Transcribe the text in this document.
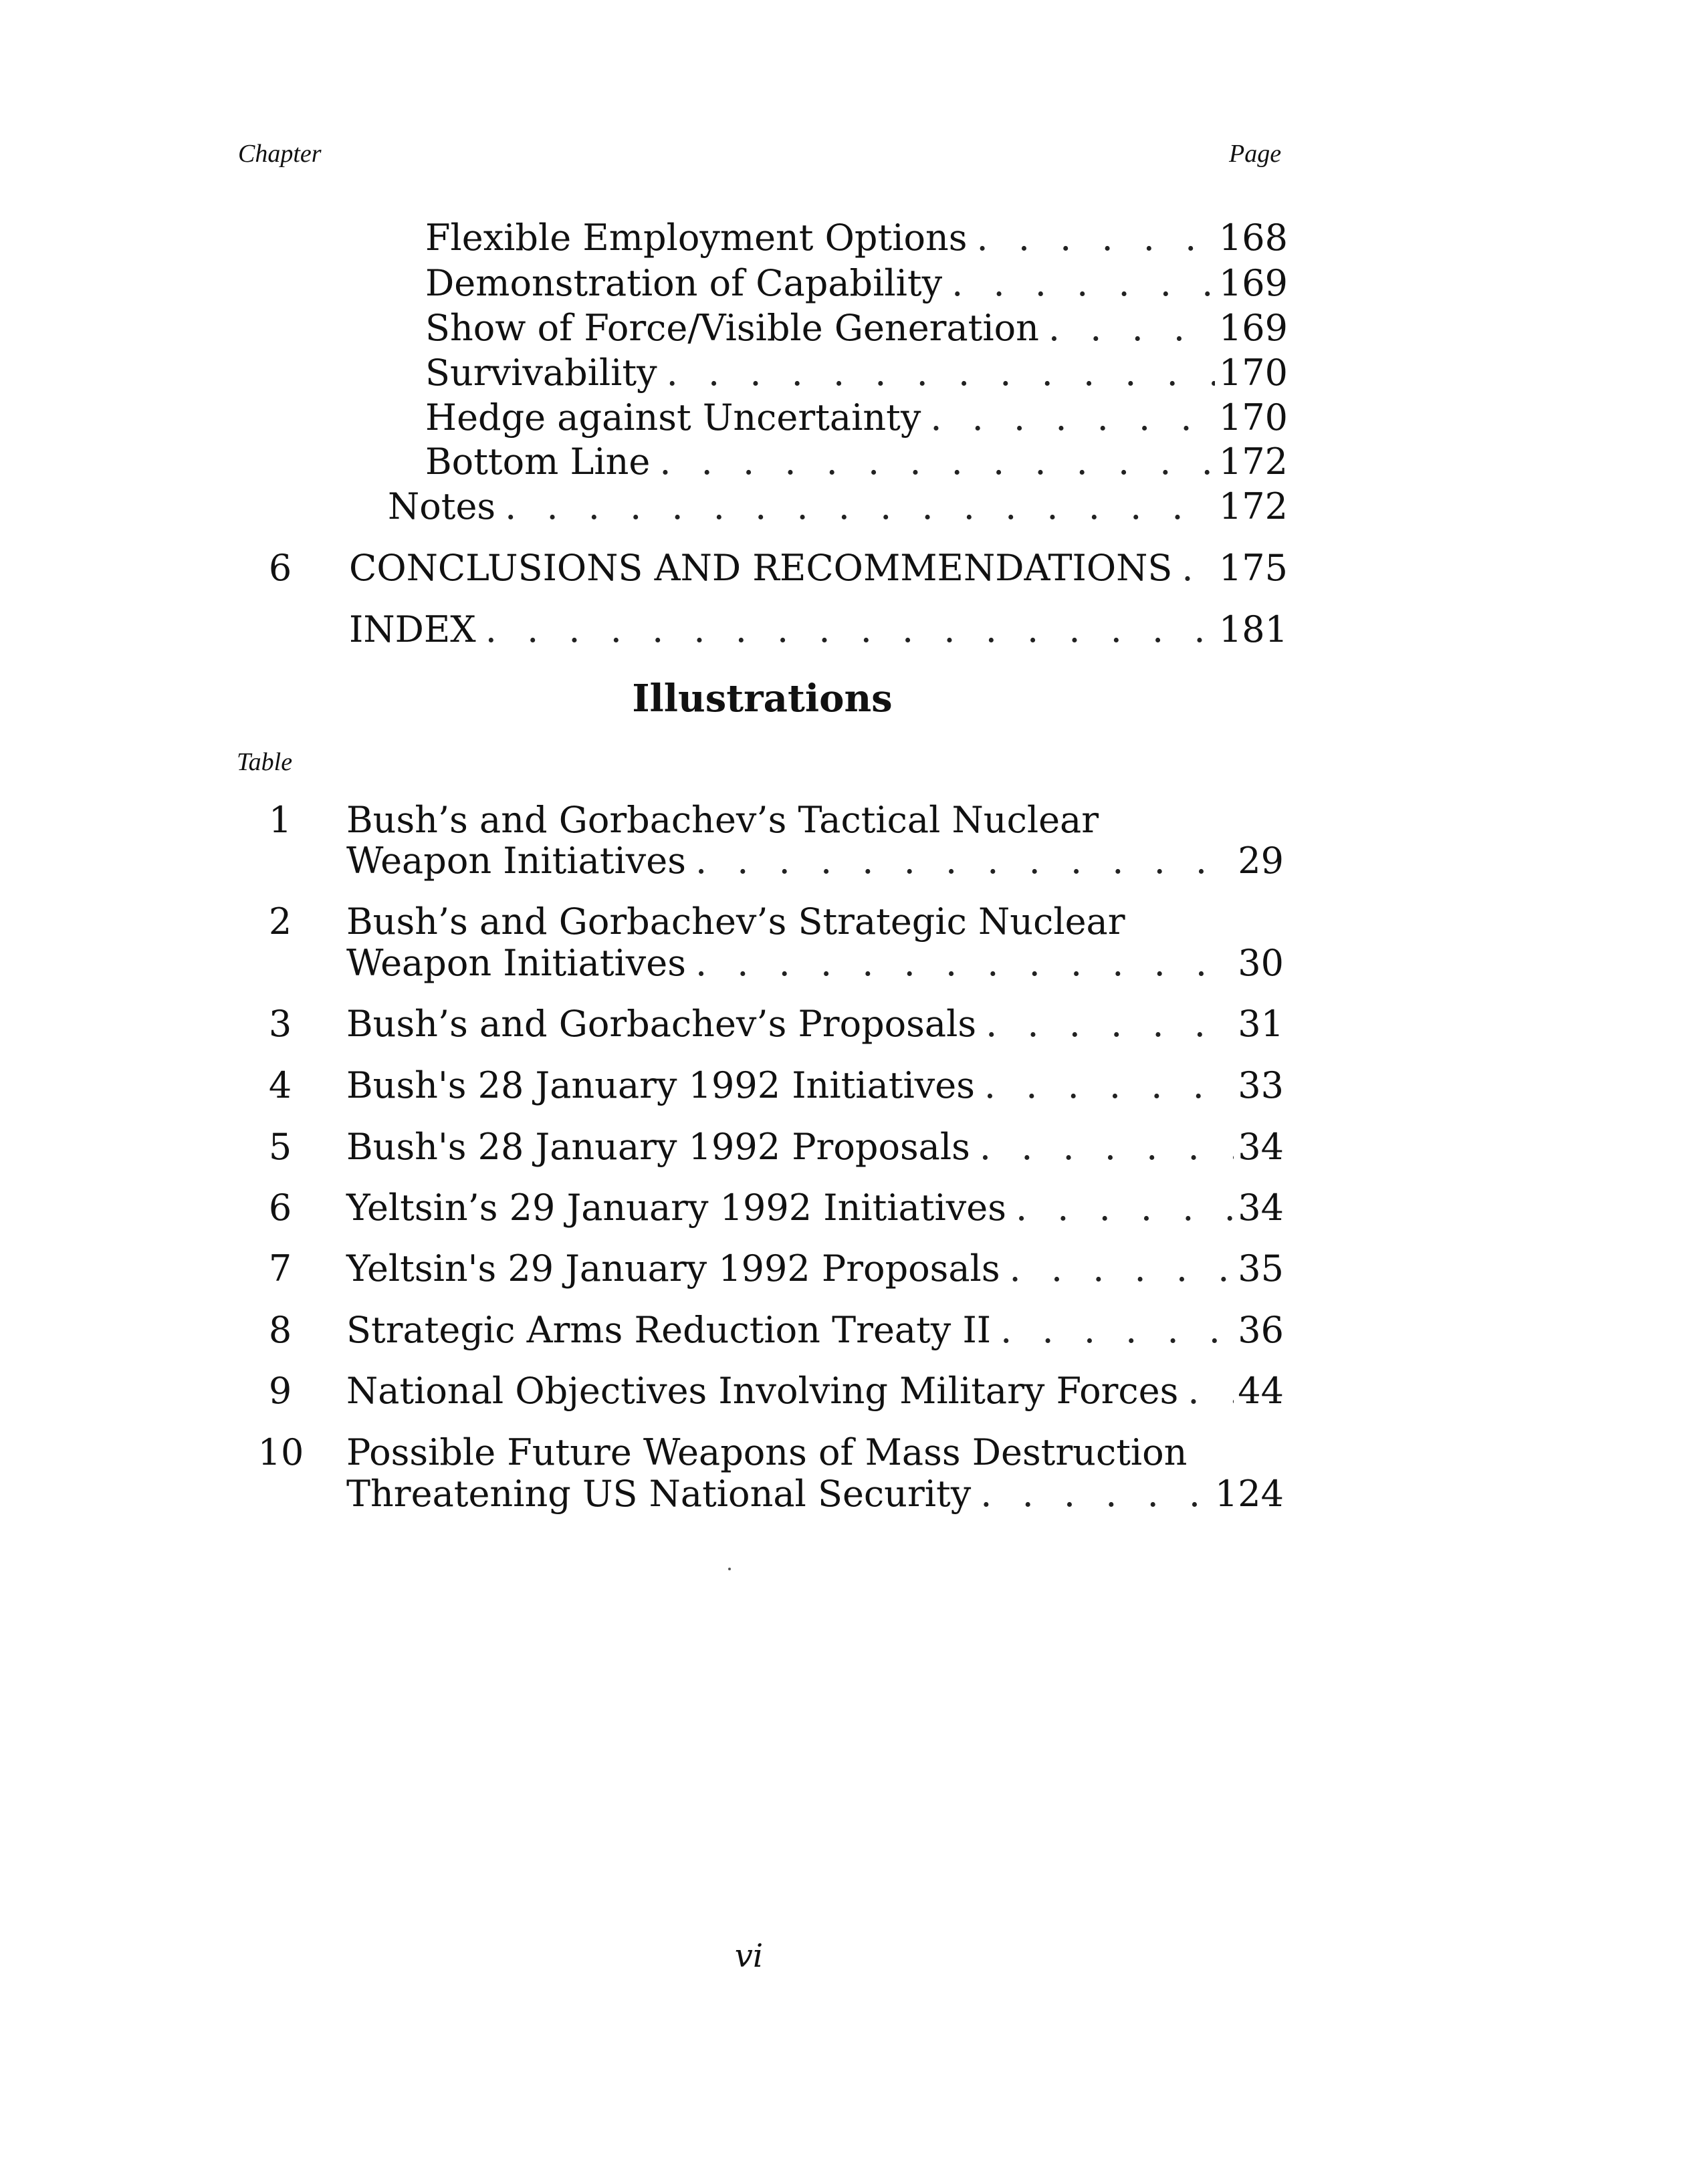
Chapter	Page
Flexible Employment Options . . .	168
Demonstration of Capability . . .	169
Show of Force/Visible Generation . . .	169
Survivability . . .	170
Hedge against Uncertainty . . .	170
Bottom Line . . .	172
Notes . . .	172
6	CONCLUSIONS AND RECOMMENDATIONS . . . 175
INDEX . . .	181
Illustrations
Table
1	Bush’s and Gorbachev’s Tactical Nuclear
Weapon Initiatives . . .	29
2	Bush’s and Gorbachev’s Strategic Nuclear
Weapon Initiatives . . .	30
3	Bush’s and Gorbachev’s Proposals . . .	31
4	Bush's 28 January 1992 Initiatives . . .	33
5	Bush's 28 January 1992 Proposals . . .	34
6	Yeltsin’s 29 January 1992 Initiatives . . .	34
7	Yeltsin's 29 January 1992 Proposals . . .	35
8	Strategic Arms Reduction Treaty II . . .	36
9	National Objectives Involving Military Forces . . . 44
10 Possible Future Weapons of Mass Destruction
Threatening US National Security . . .	124
vi
